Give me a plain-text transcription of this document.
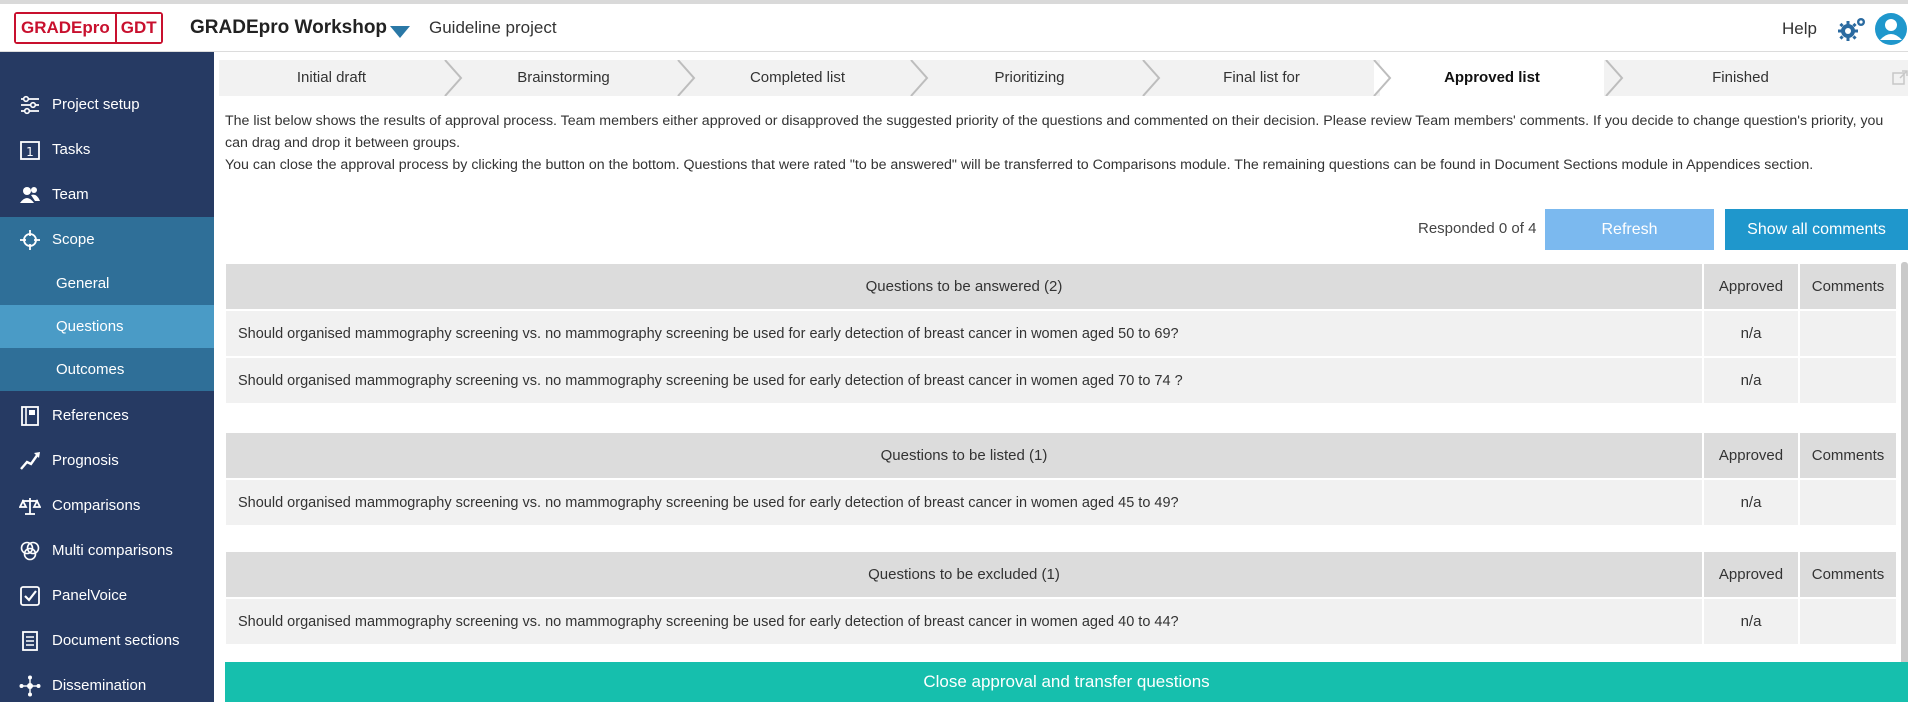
GRADEpro GDT GRADEpro Workshop Guideline project	Help
Project setup
1 Tasks
Team
Scope
General
Questions
Outcomes
References
Prognosis
Comparisons
Multi comparisons
PanelVoice
Document sections
Dissemination
Initial draft	Brainstorming	Completed list	Prioritizing	Final list for	Approved list	Finished
The list below shows the results of approval process. Team members either approved or disapproved the suggested priority of the questions and commented on their decision. Please review Team members' comments. If you decide to change question's priority, you can drag and drop it between groups.
You can close the approval process by clicking the button on the bottom. Questions that were rated "to be answered" will be transferred to Comparisons module. The remaining questions can be found in Document Sections module in Appendices section.
Responded 0 of 4	Refresh	Show all comments
Questions to be answered (2)	Approved	Comments
Should organised mammography screening vs. no mammography screening be used for early detection of breast cancer in women aged 50 to 69?	n/a
Should organised mammography screening vs. no mammography screening be used for early detection of breast cancer in women aged 70 to 74 ?	n/a
Questions to be listed (1)	Approved	Comments
Should organised mammography screening vs. no mammography screening be used for early detection of breast cancer in women aged 45 to 49?	n/a
Questions to be excluded (1)	Approved	Comments
Should organised mammography screening vs. no mammography screening be used for early detection of breast cancer in women aged 40 to 44?	n/a
Close approval and transfer questions
